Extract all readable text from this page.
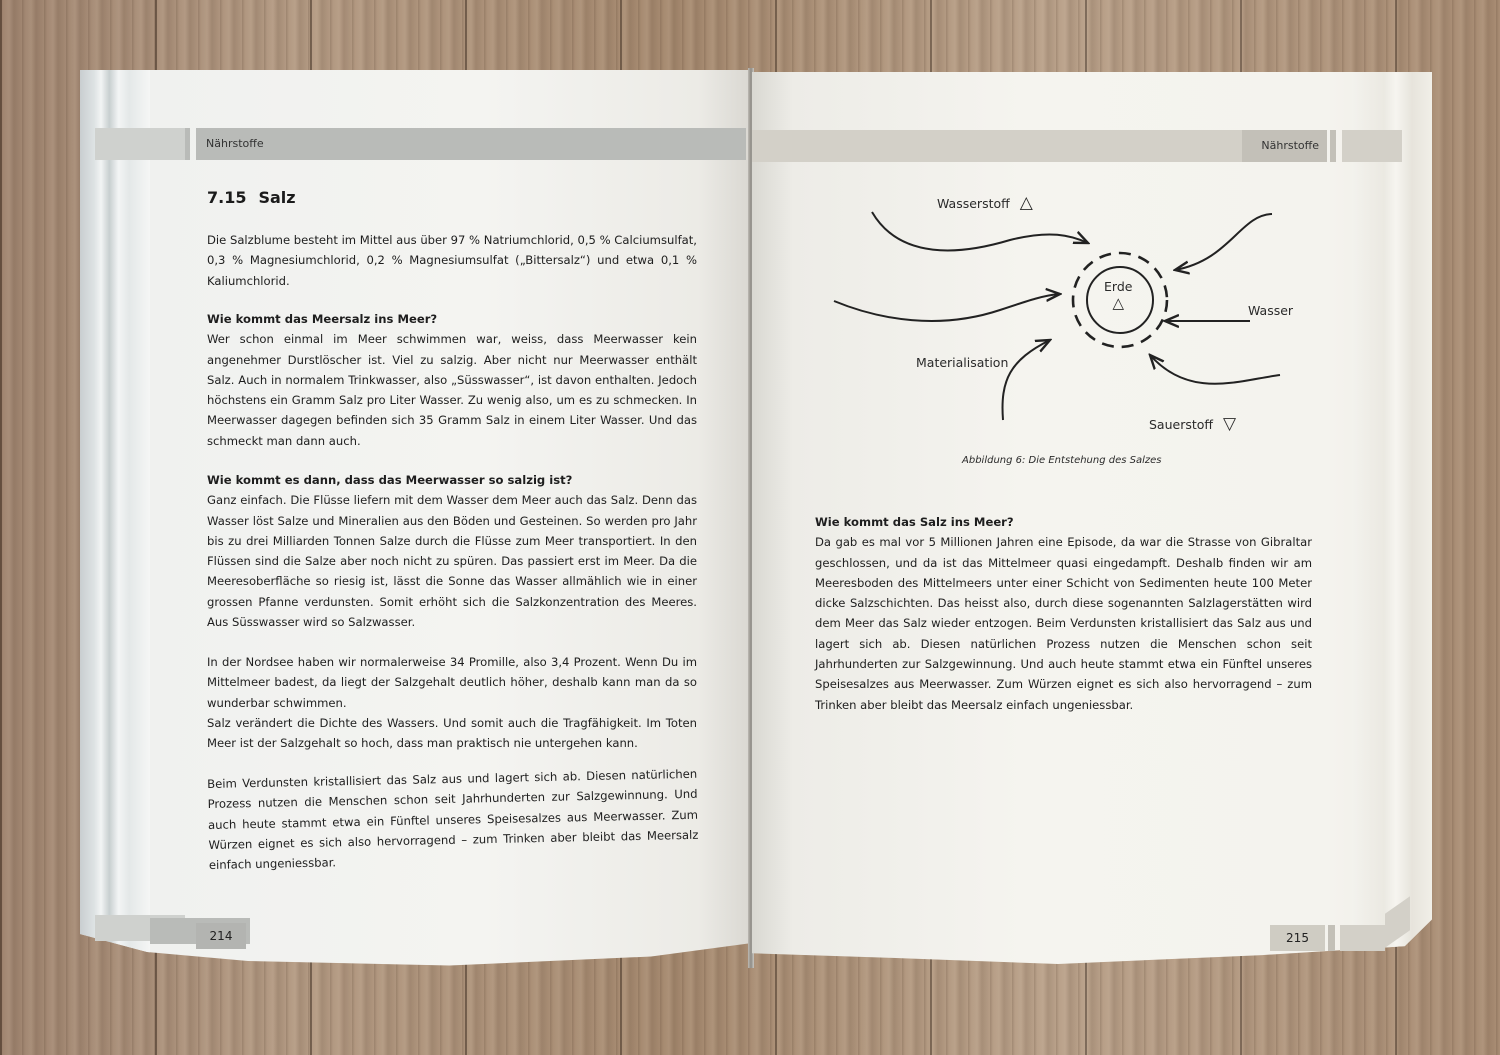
Nährstoffe	Nährstoffe
7.15 Salz

Die Salzblume besteht im Mittel aus über 97 % Natriumchlorid, 0,5 % Calciumsulfat, 0,3 % Magnesiumchlorid, 0,2 % Magnesiumsulfat („Bittersalz“) und etwa 0,1 % Kaliumchlorid.

Wie kommt das Meersalz ins Meer?
Wer schon einmal im Meer schwimmen war, weiss, dass Meerwasser kein angenehmer Durstlöscher ist. Viel zu salzig. Aber nicht nur Meerwasser enthält Salz. Auch in normalem Trinkwasser, also „Süsswasser“, ist davon enthalten. Jedoch höchstens ein Gramm Salz pro Liter Wasser. Zu wenig also, um es zu schmecken. In Meerwasser dagegen befinden sich 35 Gramm Salz in einem Liter Wasser. Und das schmeckt man dann auch.
Wie kommt es dann, dass das Meerwasser so salzig ist?
Ganz einfach. Die Flüsse liefern mit dem Wasser dem Meer auch das Salz. Denn das Wasser löst Salze und Mineralien aus den Böden und Gesteinen. So werden pro Jahr bis zu drei Milliarden Tonnen Salze durch die Flüsse zum Meer transportiert. In den Flüssen sind die Salze aber noch nicht zu spüren. Das passiert erst im Meer. Da die Meeresoberfläche so riesig ist, lässt die Sonne das Wasser allmählich wie in einer grossen Pfanne verdunsten. Somit erhöht sich die Salzkonzentration des Meeres. Aus Süsswasser wird so Salzwasser.
In der Nordsee haben wir normalerweise 34 Promille, also 3,4 Prozent. Wenn Du im Mittelmeer badest, da liegt der Salzgehalt deutlich höher, deshalb kann man da so wunderbar schwimmen.
Salz verändert die Dichte des Wassers. Und somit auch die Tragfähigkeit. Im Toten Meer ist der Salzgehalt so hoch, dass man praktisch nie untergehen kann.
Beim Verdunsten kristallisiert das Salz aus und lagert sich ab. Diesen natürlichen Prozess nutzen die Menschen schon seit Jahrhunderten zur Salzgewinnung. Und auch heute stammt etwa ein Fünftel unseres Speisesalzes aus Meerwasser. Zum Würzen eignet es sich also hervorragend – zum Trinken aber bleibt das Meersalz einfach ungeniessbar.
214
Wasserstoff △
Erde
△	Wasser
Materialisation
Sauerstoff ▽
Abbildung 6: Die Entstehung des Salzes
Wie kommt das Salz ins Meer?
Da gab es mal vor 5 Millionen Jahren eine Episode, da war die Strasse von Gibraltar geschlossen, und da ist das Mittelmeer quasi eingedampft. Deshalb finden wir am Meeresboden des Mittelmeers unter einer Schicht von Sedimenten heute 100 Meter dicke Salzschichten. Das heisst also, durch diese sogenannten Salzlagerstätten wird dem Meer das Salz wieder entzogen. Beim Verdunsten kristallisiert das Salz aus und lagert sich ab. Diesen natürlichen Prozess nutzen die Menschen schon seit Jahrhunderten zur Salzgewinnung. Und auch heute stammt etwa ein Fünftel unseres Speisesalzes aus Meerwasser. Zum Würzen eignet es sich also hervorragend – zum Trinken aber bleibt das Meersalz einfach ungeniessbar.
215
